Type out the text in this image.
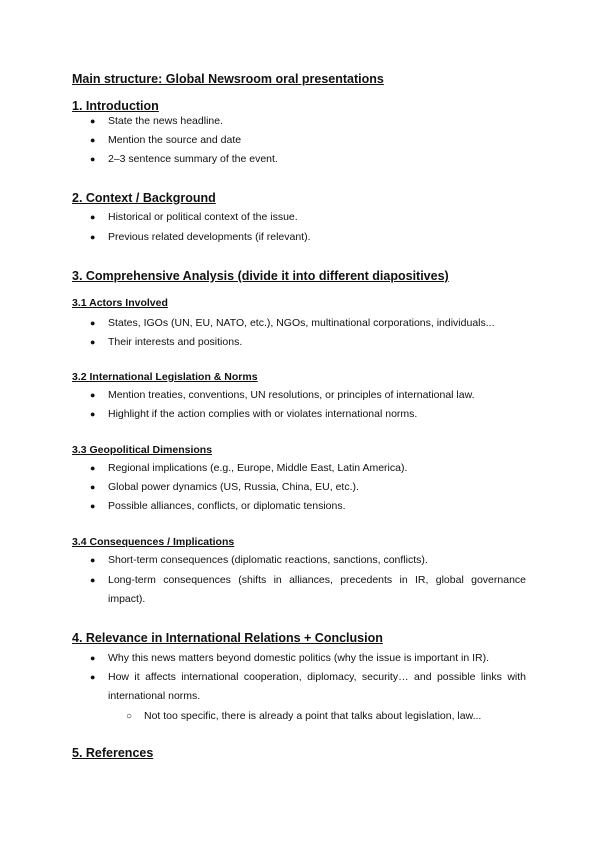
Main structure: Global Newsroom oral presentations
1. Introduction
● State the news headline.
● Mention the source and date
● 2–3 sentence summary of the event.
2. Context / Background
● Historical or political context of the issue.
● Previous related developments (if relevant).
3. Comprehensive Analysis (divide it into different diapositives)
3.1 Actors Involved
● States, IGOs (UN, EU, NATO, etc.), NGOs, multinational corporations, individuals...
● Their interests and positions.
3.2 International Legislation & Norms
● Mention treaties, conventions, UN resolutions, or principles of international law.
● Highlight if the action complies with or violates international norms.
3.3 Geopolitical Dimensions
● Regional implications (e.g., Europe, Middle East, Latin America).
● Global power dynamics (US, Russia, China, EU, etc.).
● Possible alliances, conflicts, or diplomatic tensions.
3.4 Consequences / Implications
● Short-term consequences (diplomatic reactions, sanctions, conflicts).
● Long-term consequences (shifts in alliances, precedents in IR, global governance impact).
4. Relevance in International Relations + Conclusion
● Why this news matters beyond domestic politics (why the issue is important in IR).
● How it affects international cooperation, diplomacy, security… and possible links with international norms.
○ Not too specific, there is already a point that talks about legislation, law...
5. References
